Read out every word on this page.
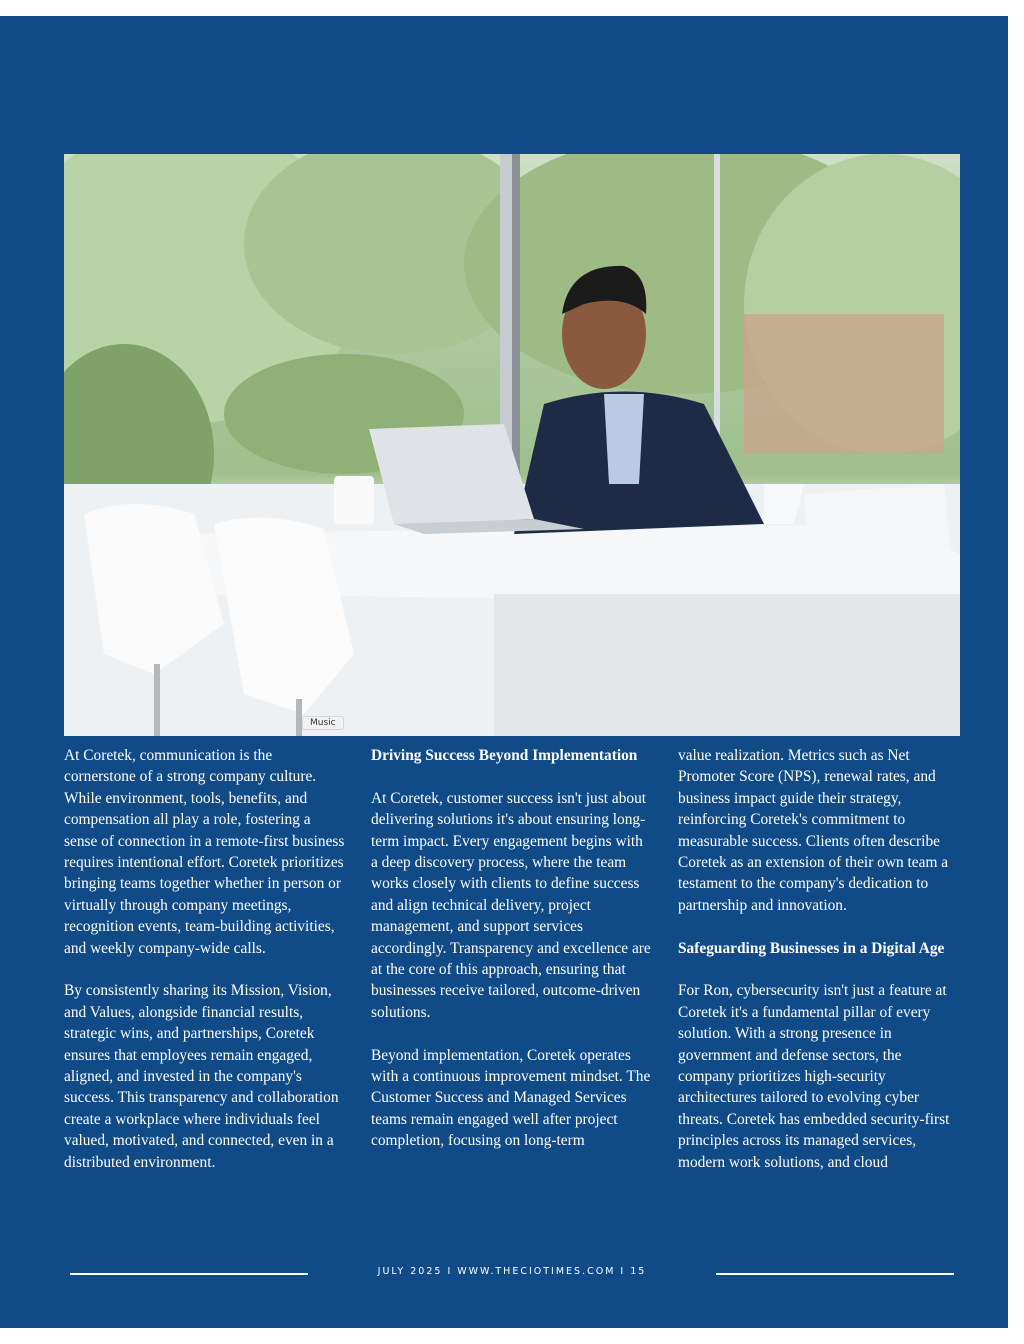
Music

At Coretek, communication is the cornerstone of a strong company culture. While environment, tools, benefits, and compensation all play a role, fostering a sense of connection in a remote-first business requires intentional effort. Coretek prioritizes bringing teams together whether in person or virtually through company meetings, recognition events, team-building activities, and weekly company-wide calls.

By consistently sharing its Mission, Vision, and Values, alongside financial results, strategic wins, and partnerships, Coretek ensures that employees remain engaged, aligned, and invested in the company's success. This transparency and collaboration create a workplace where individuals feel valued, motivated, and connected, even in a distributed environment.

Driving Success Beyond Implementation

At Coretek, customer success isn't just about delivering solutions it's about ensuring long-term impact. Every engagement begins with a deep discovery process, where the team works closely with clients to define success and align technical delivery, project management, and support services accordingly. Transparency and excellence are at the core of this approach, ensuring that businesses receive tailored, outcome-driven solutions.

Beyond implementation, Coretek operates with a continuous improvement mindset. The Customer Success and Managed Services teams remain engaged well after project completion, focusing on long-term

value realization. Metrics such as Net Promoter Score (NPS), renewal rates, and business impact guide their strategy, reinforcing Coretek's commitment to measurable success. Clients often describe Coretek as an extension of their own team a testament to the company's dedication to partnership and innovation.

Safeguarding Businesses in a Digital Age

For Ron, cybersecurity isn't just a feature at Coretek it's a fundamental pillar of every solution. With a strong presence in government and defense sectors, the company prioritizes high-security architectures tailored to evolving cyber threats. Coretek has embedded security-first principles across its managed services, modern work solutions, and cloud

JULY 2025 I WWW.THECIOTIMES.COM I 15
